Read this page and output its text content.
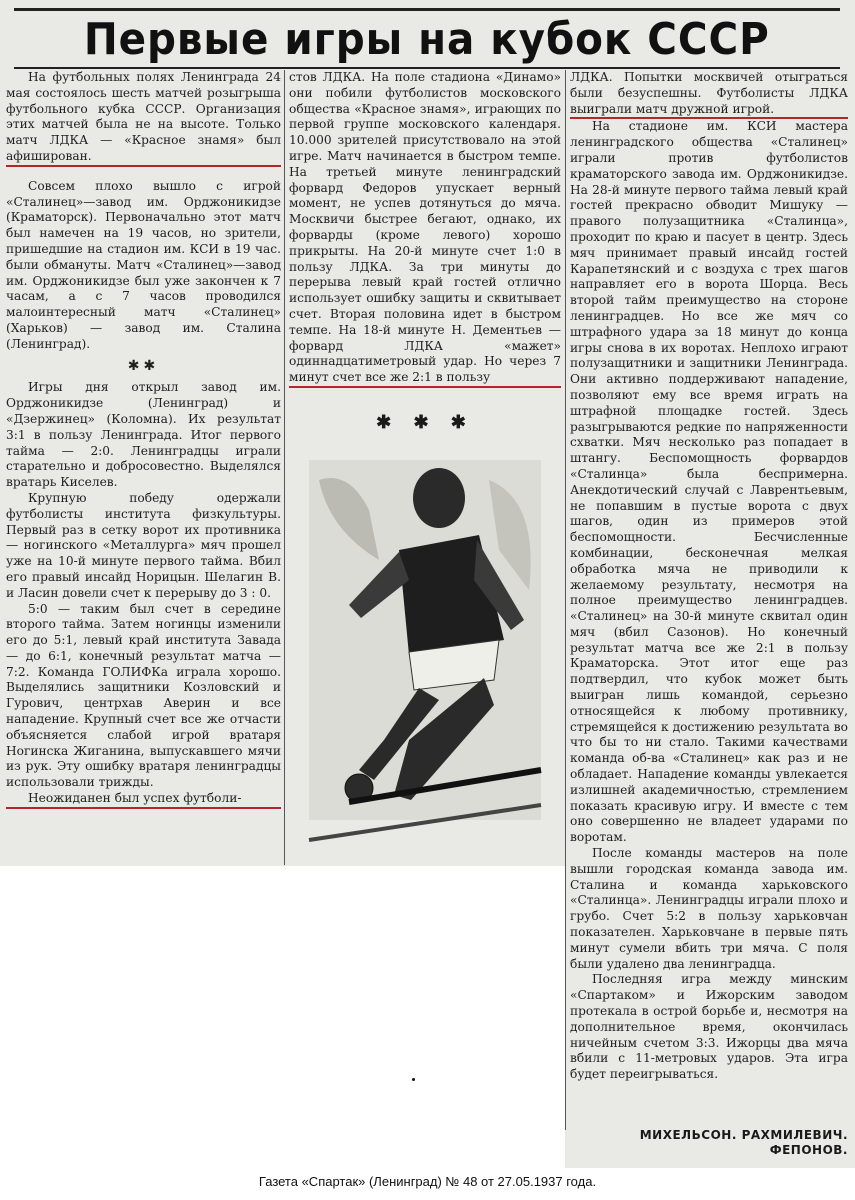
Первые игры на кубок СССР

На футбольных полях Ленинграда 24 мая состоялось шесть матчей розыгрыша футбольного кубка СССР. Организация этих матчей была не на высоте. Только матч ЛДКА — «Красное знамя» был афиширован.

Совсем плохо вышло с игрой «Сталинец»—завод им. Орджоникидзе (Краматорск). Первоначально этот матч был намечен на 19 часов, но зрители, пришедшие на стадион им. КСИ в 19 час. были обмануты. Матч «Сталинец»—завод им. Орджоникидзе был уже закончен к 7 часам, а с 7 часов проводился малоинтересный матч «Сталинец» (Харьков) — завод им. Сталина (Ленинград).

✱✱

Игры дня открыл завод им. Орджоникидзе (Ленинград) и «Дзержинец» (Коломна). Их результат 3:1 в пользу Ленинграда. Итог первого тайма — 2:0. Ленинградцы играли старательно и добросовестно. Выделялся вратарь Киселев.

Крупную победу одержали футболисты института физкультуры. Первый раз в сетку ворот их противника — ногинского «Металлурга» мяч прошел уже на 10-й минуте первого тайма. Вбил его правый инсайд Норицын. Шелагин В. и Ласин довели счет к перерыву до 3 : 0.

5:0 — таким был счет в середине второго тайма. Затем ногинцы изменили его до 5:1, левый край института Завада — до 6:1, конечный результат матча — 7:2. Команда ГОЛИФКа играла хорошо. Выделялись защитники Козловский и Гурович, центрхав Аверин и все нападение. Крупный счет все же отчасти объясняется слабой игрой вратаря Ногинска Жиганина, выпускавшего мячи из рук. Эту ошибку вратаря ленинградцы использовали трижды.

Неожиданен был успех футболи-

стов ЛДКА. На поле стадиона «Динамо» они побили футболистов московского общества «Красное знамя», играющих по первой группе московского календаря. 10.000 зрителей присутствовало на этой игре. Матч начинается в быстром темпе. На третьей минуте ленинградский форвард Федоров упускает верный момент, не успев дотянуться до мяча. Москвичи быстрее бегают, однако, их форварды (кроме левого) хорошо прикрыты. На 20-й минуте счет 1:0 в пользу ЛДКА. За три минуты до перерыва левый край гостей отлично использует ошибку защиты и сквитывает счет. Вторая половина идет в быстром темпе. На 18-й минуте Н. Дементьев — форвард ЛДКА «мажет» одиннадцатиметровый удар. Но через 7 минут счет все же 2:1 в пользу

✱ ✱ ✱

ЛДКА. Попытки москвичей отыграться были безуспешны. Футболисты ЛДКА выиграли матч дружной игрой.

На стадионе им. КСИ мастера ленинградского общества «Сталинец» играли против футболистов краматорского завода им. Орджоникидзе. На 28-й минуте первого тайма левый край гостей прекрасно обводит Мишуку — правого полузащитника «Сталинца», проходит по краю и пасует в центр. Здесь мяч принимает правый инсайд гостей Карапетянский и с воздуха с трех шагов направляет его в ворота Шорца. Весь второй тайм преимущество на стороне ленинградцев. Но все же мяч со штрафного удара за 18 минут до конца игры снова в их воротах. Неплохо играют полузащитники и защитники Ленинграда. Они активно поддерживают нападение, позволяют ему все время играть на штрафной площадке гостей. Здесь разыгрываются редкие по напряженности схватки. Мяч несколько раз попадает в штангу. Беспомощность форвардов «Сталинца» была беспримерна. Анекдотический случай с Лаврентьевым, не попавшим в пустые ворота с двух шагов, один из примеров этой беспомощности. Бесчисленные комбинации, бесконечная мелкая обработка мяча не приводили к желаемому результату, несмотря на полное преимущество ленинградцев. «Сталинец» на 30-й минуте сквитал один мяч (вбил Сазонов). Но конечный результат матча все же 2:1 в пользу Краматорска. Этот итог еще раз подтвердил, что кубок может быть выигран лишь командой, серьезно относящейся к любому противнику, стремящейся к достижению результата во что бы то ни стало. Такими качествами команда об-ва «Сталинец» как раз и не обладает. Нападение команды увлекается излишней академичностью, стремлением показать красивую игру. И вместе с тем оно совершенно не владеет ударами по воротам.

После команды мастеров на поле вышли городская команда завода им. Сталина и команда харьковского «Сталинца». Ленинградцы играли плохо и грубо. Счет 5:2 в пользу харьковчан показателен. Харьковчане в первые пять минут сумели вбить три мяча. С поля были удалено два ленинградца.

Последняя игра между минским «Спартаком» и Ижорским заводом протекала в острой борьбе и, несмотря на дополнительное время, окончилась ничейным счетом 3:3. Ижорцы два мяча вбили с 11-метровых ударов. Эта игра будет переигрываться.

МИХЕЛЬСОН. РАХМИЛЕВИЧ.
ФЕПОНОВ.
Газета «Спартак» (Ленинград) № 48 от 27.05.1937 года.
